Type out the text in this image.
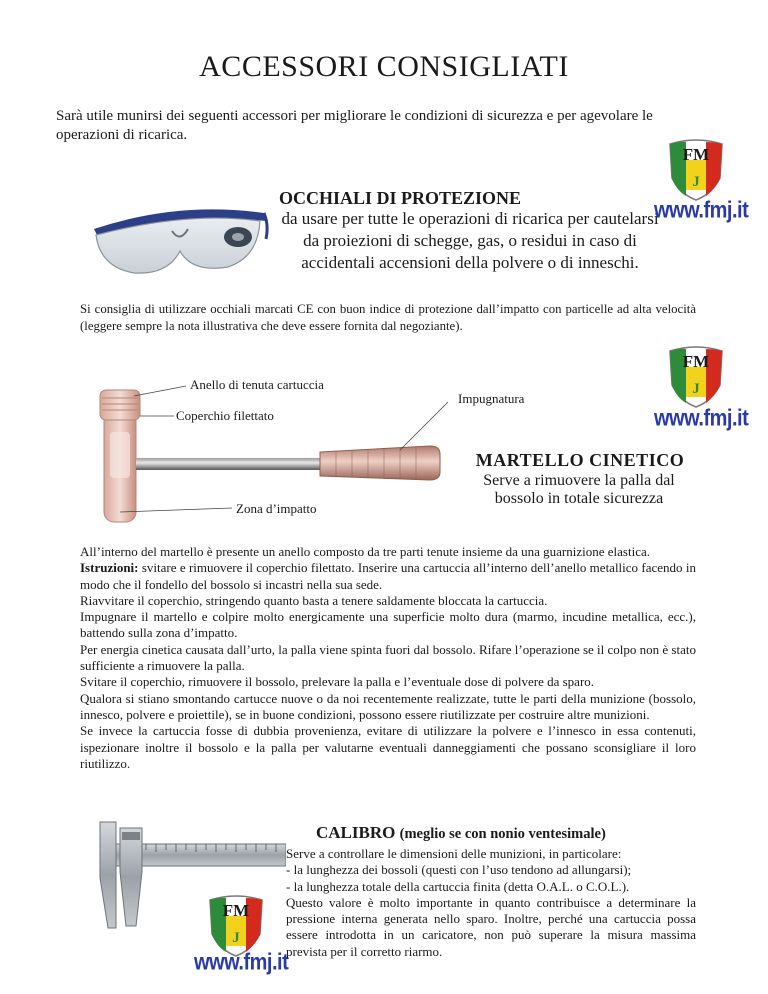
ACCESSORI CONSIGLIATI
Sarà utile munirsi dei seguenti accessori per migliorare le condizioni di sicurezza e per agevolare le operazioni di ricarica.
OCCHIALI DI PROTEZIONE
da usare per tutte le operazioni di ricarica per cautelarsi da proiezioni di schegge, gas, o residui in caso di accidentali accensioni della polvere o di inneschi.
FM
J
www.fmj.it
Si consiglia di utilizzare occhiali marcati CE con buon indice di protezione dall’impatto con particelle ad alta velocità (leggere sempre la nota illustrativa che deve essere fornita dal negoziante).
Anello di tenuta cartuccia
Coperchio filettato
Impugnatura
Zona d’impatto
FM
J
www.fmj.it
MARTELLO CINETICO
Serve a rimuovere la palla dal bossolo in totale sicurezza

All’interno del martello è presente un anello composto da tre parti tenute insieme da una guarnizione elastica.

Istruzioni: svitare e rimuovere il coperchio filettato. Inserire una cartuccia all’interno dell’anello metallico facendo in modo che il fondello del bossolo si incastri nella sua sede.

Riavvitare il coperchio, stringendo quanto basta a tenere saldamente bloccata la cartuccia.

Impugnare il martello e colpire molto energicamente una superficie molto dura (marmo, incudine metallica, ecc.), battendo sulla zona d’impatto.

Per energia cinetica causata dall’urto, la palla viene spinta fuori dal bossolo. Rifare l’operazione se il colpo non è stato sufficiente a rimuovere la palla.

Svitare il coperchio, rimuovere il bossolo, prelevare la palla e l’eventuale dose di polvere da sparo.

Qualora si stiano smontando cartucce nuove o da noi recentemente realizzate, tutte le parti della munizione (bossolo, innesco, polvere e proiettile), se in buone condizioni, possono essere riutilizzate per costruire altre munizioni.

Se invece la cartuccia fosse di dubbia provenienza, evitare di utilizzare la polvere e l’innesco in essa contenuti, ispezionare inoltre il bossolo e la palla per valutarne eventuali danneggiamenti che possano sconsigliare il loro riutilizzo.

FM
J
www.fmj.it
CALIBRO (meglio se con nonio ventesimale)

Serve a controllare le dimensioni delle munizioni, in particolare:

- la lunghezza dei bossoli (questi con l’uso tendono ad allungarsi);

- la lunghezza totale della cartuccia finita (detta O.A.L. o C.O.L.).

Questo valore è molto importante in quanto contribuisce a determinare la pressione interna generata nello sparo. Inoltre, perché una cartuccia possa essere introdotta in un caricatore, non può superare la misura massima prevista per il corretto riarmo.
